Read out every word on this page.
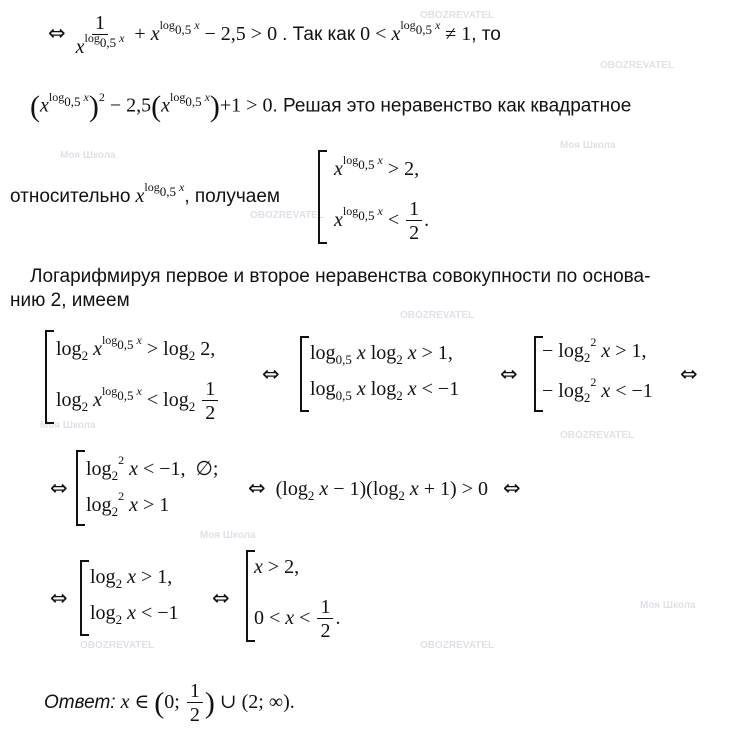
OBOZREVATEL
OBOZREVATEL
Моя Школа
OBOZREVATEL
Моя Школа
OBOZREVATEL
Моя Школа
OBOZREVATEL
Моя Школа
OBOZREVATEL
OBOZREVATEL
Моя Школа
⇔ $\frac{1}{x^{log_{0,5} x}} + x^{log_{0,5} x} - 2,5 > 0$ . Так как $0 < x^{log_{0,5} x} \ne 1$, то
$(x^{log_{0,5} x})^2 - 2,5(x^{log_{0,5} x})+1 > 0$. Решая это неравенство как квадратное
относительно $x^{log_{0,5} x}$, получаем
$x^{log_{0,5} x} > 2$,
$x^{log_{0,5} x} < \frac{1}{2}$ .
Логарифмируя первое и второе неравенства совокупности по основа-
нию 2, имеем
$\log_2 x^{log_{0,5} x} > \log_2 2$,
$\log_2 x^{log_{0,5} x} < \log_2 \frac{1}{2}$
⇔
$\log_{0,5} x$ $\log_2 x > 1$,
$\log_{0,5} x$ $\log_2 x < -1$
⇔
− $\log_2^2 x > 1$,
− $\log_2^2 x < -1$
⇔
⇔
$\log_2^2 x < -1$,  ∅;
$\log_2^2 x > 1$
⇔  ($\log_2$ $x - 1)(\log_2$ x + 1) > 0   ⇔
⇔
$\log_2 x > 1$,
$\log_2 x < -1$
⇔
x > 2,
$0 < x < \frac{1}{2}$ .
Ответ: x ∈ (0; $\frac{1}{2}$ ) ∪ (2; ∞).
